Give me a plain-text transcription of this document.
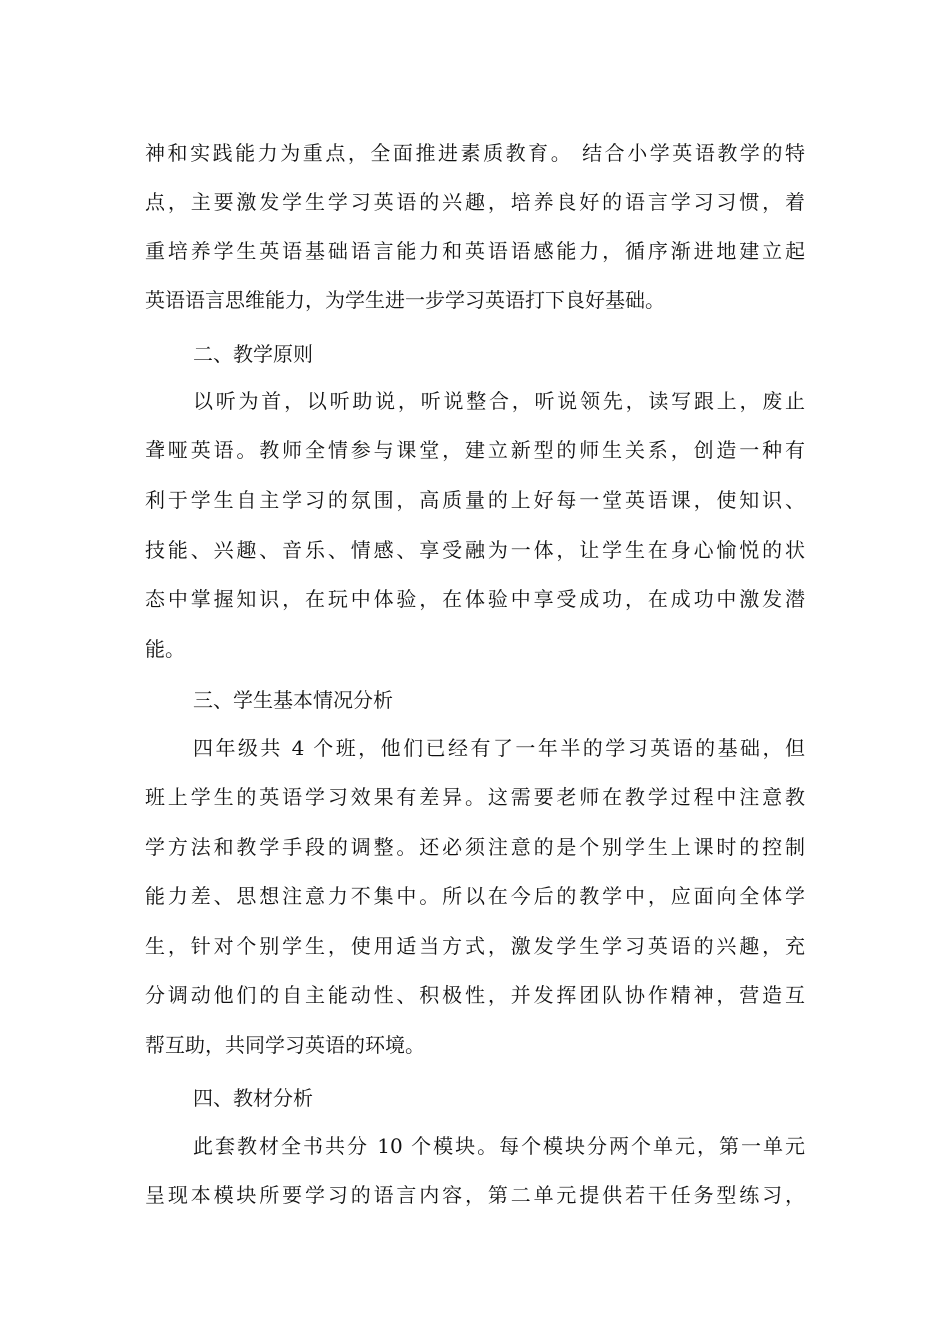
神和实践能力为重点，全面推进素质教育。 结合小学英语教学的特
点，主要激发学生学习英语的兴趣，培养良好的语言学习习惯，着
重培养学生英语基础语言能力和英语语感能力，循序渐进地建立起
英语语言思维能力，为学生进一步学习英语打下良好基础。
二、教学原则
以听为首，以听助说，听说整合，听说领先，读写跟上，废止
聋哑英语。教师全情参与课堂，建立新型的师生关系，创造一种有
利于学生自主学习的氛围，高质量的上好每一堂英语课，使知识、
技能、兴趣、音乐、情感、享受融为一体，让学生在身心愉悦的状
态中掌握知识，在玩中体验，在体验中享受成功，在成功中激发潜
能。
三、学生基本情况分析
四年级共 4 个班，他们已经有了一年半的学习英语的基础，但
班上学生的英语学习效果有差异。这需要老师在教学过程中注意教
学方法和教学手段的调整。还必须注意的是个别学生上课时的控制
能力差、思想注意力不集中。所以在今后的教学中，应面向全体学
生，针对个别学生，使用适当方式，激发学生学习英语的兴趣，充
分调动他们的自主能动性、积极性，并发挥团队协作精神，营造互
帮互助，共同学习英语的环境。
四、教材分析
此套教材全书共分 10 个模块。每个模块分两个单元，第一单元
呈现本模块所要学习的语言内容，第二单元提供若干任务型练习，
